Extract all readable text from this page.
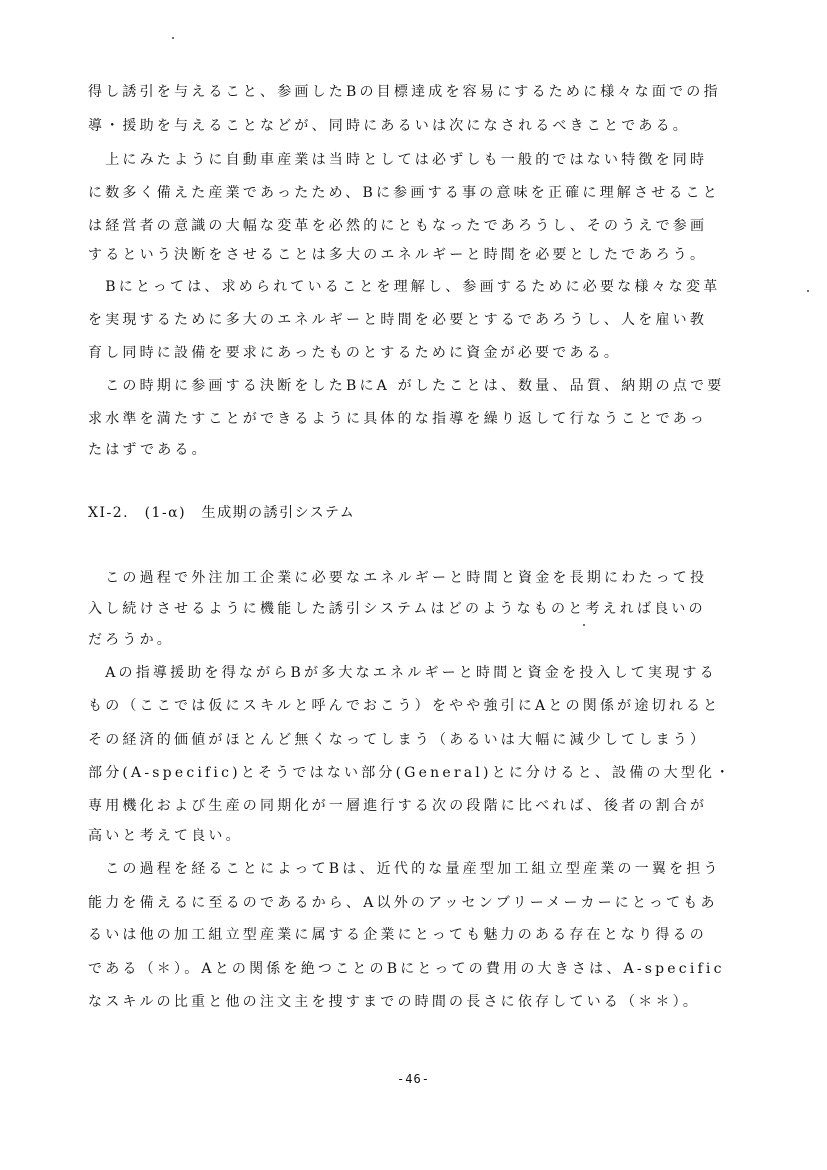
得し誘引を与えること、参画したBの目標達成を容易にするために様々な面での指
導・援助を与えることなどが、同時にあるいは次になされるべきことである。
　上にみたように自動車産業は当時としては必ずしも一般的ではない特徴を同時
に数多く備えた産業であったため、Bに参画する事の意味を正確に理解させること
は経営者の意識の大幅な変革を必然的にともなったであろうし、そのうえで参画
するという決断をさせることは多大のエネルギーと時間を必要としたであろう。
　Bにとっては、求められていることを理解し、参画するために必要な様々な変革
を実現するために多大のエネルギーと時間を必要とするであろうし、人を雇い教
育し同時に設備を要求にあったものとするために資金が必要である。
　この時期に参画する決断をしたBにA がしたことは、数量、品質、納期の点で要
求水準を満たすことができるように具体的な指導を繰り返して行なうことであっ
たはずである。
XI-2.　(1-α)　生成期の誘引システム
　この過程で外注加工企業に必要なエネルギーと時間と資金を長期にわたって投
入し続けさせるように機能した誘引システムはどのようなものと考えれば良いの
だろうか。
　Aの指導援助を得ながらBが多大なエネルギーと時間と資金を投入して実現する
もの（ここでは仮にスキルと呼んでおこう）をやや強引にAとの関係が途切れると
その経済的価値がほとんど無くなってしまう（あるいは大幅に減少してしまう）
部分(A-specific)とそうではない部分(General)とに分けると、設備の大型化・
専用機化および生産の同期化が一層進行する次の段階に比べれば、後者の割合が
高いと考えて良い。
　この過程を経ることによってBは、近代的な量産型加工組立型産業の一翼を担う
能力を備えるに至るのであるから、A以外のアッセンブリーメーカーにとってもあ
るいは他の加工組立型産業に属する企業にとっても魅力のある存在となり得るの
である（＊）。Aとの関係を絶つことのBにとっての費用の大きさは、A-specific
なスキルの比重と他の注文主を捜すまでの時間の長さに依存している（＊＊）。
-46-
